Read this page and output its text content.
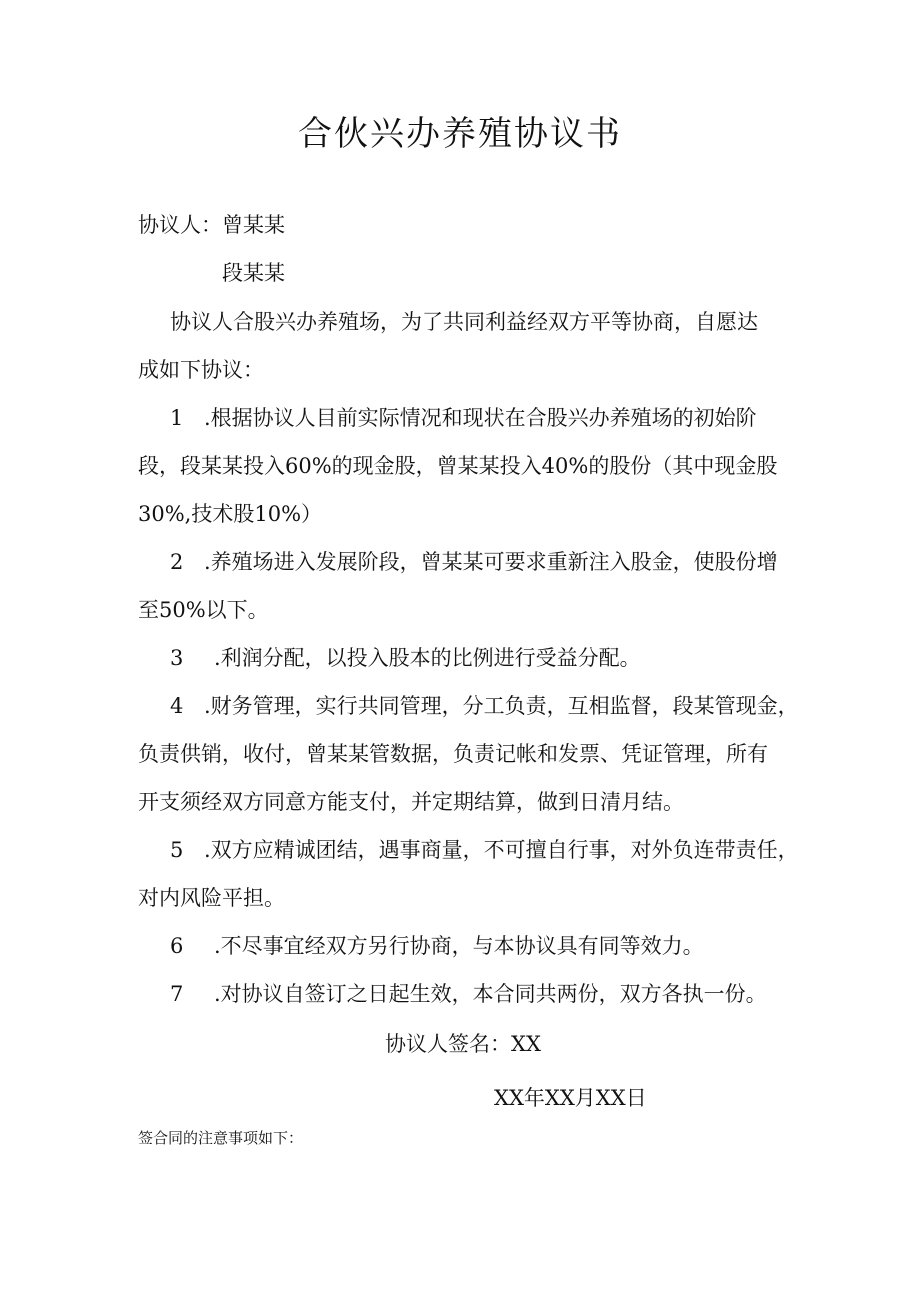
合伙兴办养殖协议书

协议人：曾某某

段某某

协议人合股兴办养殖场，为了共同利益经双方平等协商，自愿达

成如下协议：

1 .根据协议人目前实际情况和现状在合股兴办养殖场的初始阶

段，段某某投入60%的现金股，曾某某投入40%的股份（其中现金股

30%,技术股10%）

2 .养殖场进入发展阶段，曾某某可要求重新注入股金，使股份增

至50%以下。

3 .利润分配，以投入股本的比例进行受益分配。

4 .财务管理，实行共同管理，分工负责，互相监督，段某管现金，

负责供销，收付，曾某某管数据，负责记帐和发票、凭证管理，所有

开支须经双方同意方能支付，并定期结算，做到日清月结。

5 .双方应精诚团结，遇事商量，不可擅自行事，对外负连带责任，

对内风险平担。

6 .不尽事宜经双方另行协商，与本协议具有同等效力。

7 .对协议自签订之日起生效，本合同共两份，双方各执一份。

协议人签名：XX

XX年XX月XX日

签合同的注意事项如下：
